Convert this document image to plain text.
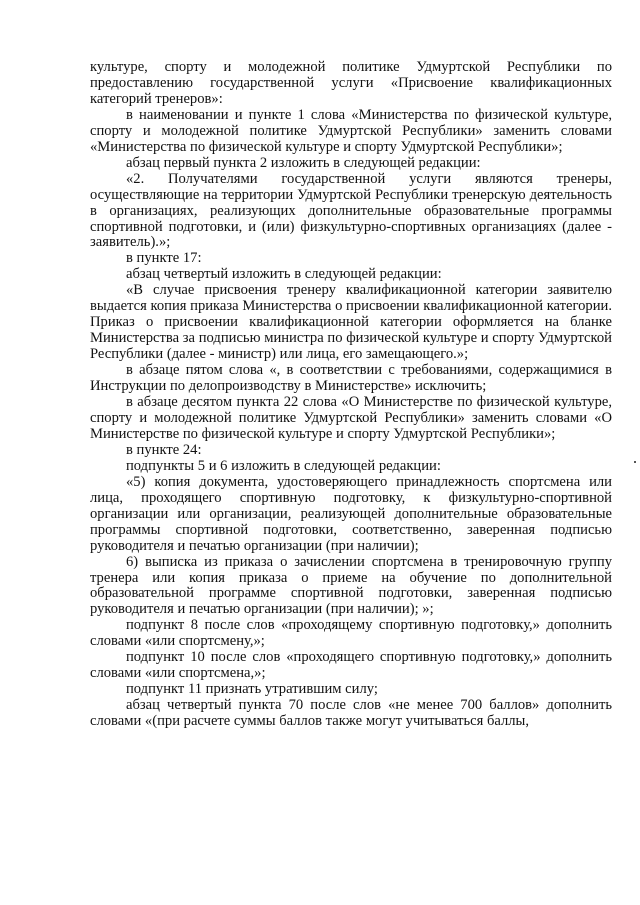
культуре, спорту и молодежной политике Удмуртской Республики по предоставлению государственной услуги «Присвоение квалификационных категорий тренеров»:

в наименовании и пункте 1 слова «Министерства по физической культуре, спорту и молодежной политике Удмуртской Республики» заменить словами «Министерства по физической культуре и спорту Удмуртской Республики»;

абзац первый пункта 2 изложить в следующей редакции:

«2. Получателями государственной услуги являются тренеры, осуществляющие на территории Удмуртской Республики тренерскую деятельность в организациях, реализующих дополнительные образовательные программы спортивной подготовки, и (или) физкультурно-спортивных организациях (далее - заявитель).»;

в пункте 17:

абзац четвертый изложить в следующей редакции:

«В случае присвоения тренеру квалификационной категории заявителю выдается копия приказа Министерства о присвоении квалификационной категории. Приказ о присвоении квалификационной категории оформляется на бланке Министерства за подписью министра по физической культуре и спорту Удмуртской Республики (далее - министр) или лица, его замещающего.»;

в абзаце пятом слова «, в соответствии с требованиями, содержащимися в Инструкции по делопроизводству в Министерстве» исключить;

в абзаце десятом пункта 22 слова «О Министерстве по физической культуре, спорту и молодежной политике Удмуртской Республики» заменить словами «О Министерстве по физической культуре и спорту Удмуртской Республики»;

в пункте 24:

подпункты 5 и 6 изложить в следующей редакции:

«5) копия документа, удостоверяющего принадлежность спортсмена или лица, проходящего спортивную подготовку, к физкультурно-спортивной организации или организации, реализующей дополнительные образовательные программы спортивной подготовки, соответственно, заверенная подписью руководителя и печатью организации (при наличии);

6) выписка из приказа о зачислении спортсмена в тренировочную группу тренера или копия приказа о приеме на обучение по дополнительной образовательной программе спортивной подготовки, заверенная подписью руководителя и печатью организации (при наличии); »;

подпункт 8 после слов «проходящему спортивную подготовку,» дополнить словами «или спортсмену,»;

подпункт 10 после слов «проходящего спортивную подготовку,» дополнить словами «или спортсмена,»;

подпункт 11 признать утратившим силу;

абзац четвертый пункта 70 после слов «не менее 700 баллов» дополнить словами «(при расчете суммы баллов также могут учитываться баллы,
